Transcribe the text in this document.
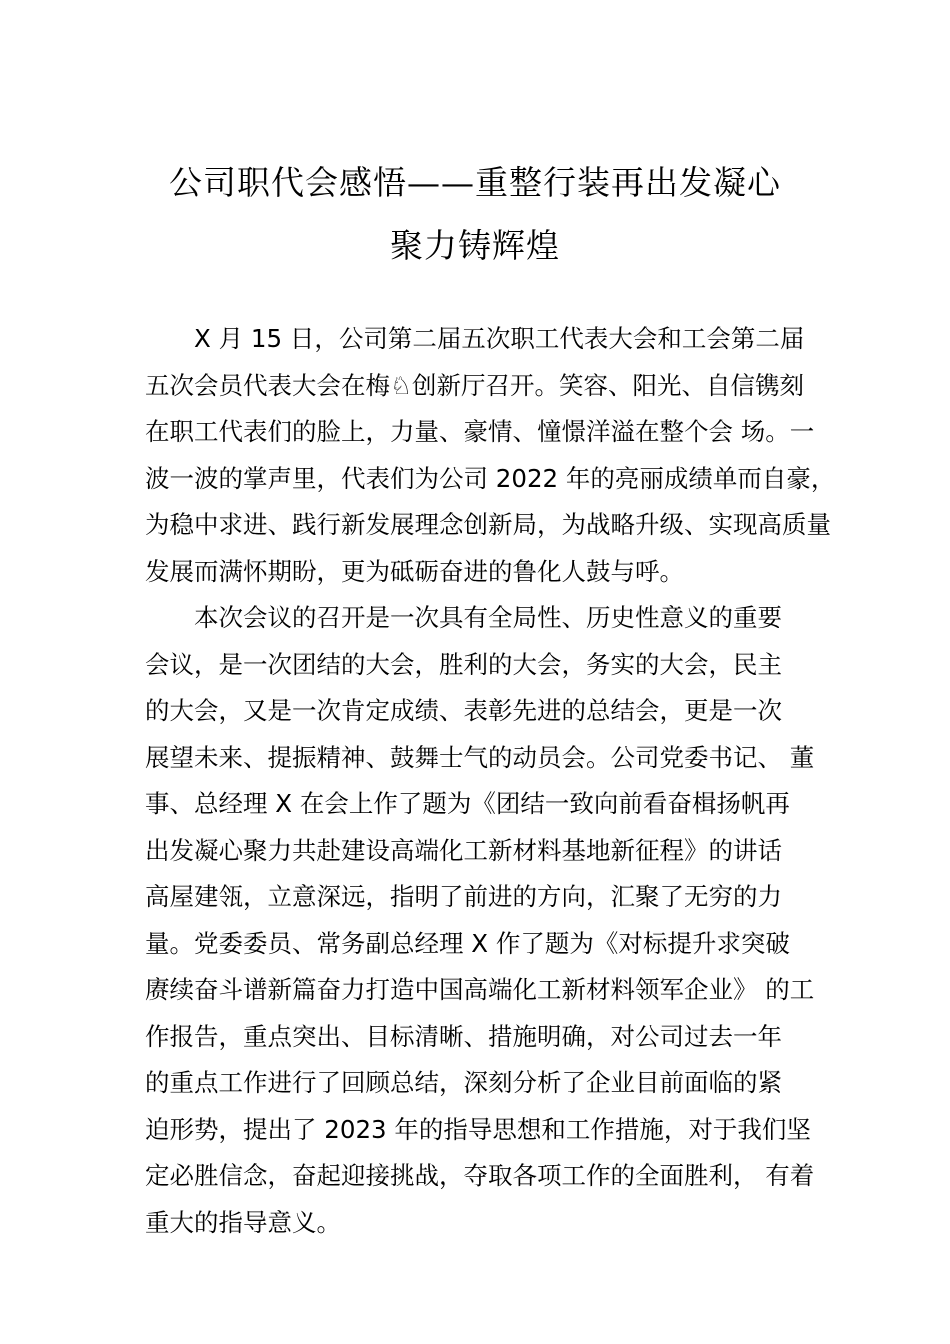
公司职代会感悟——重整行装再出发凝心
聚力铸辉煌

X 月 15 日，公司第二届五次职工代表大会和工会第二届
五次会员代表大会在梅♘创新厅召开。笑容、阳光、自信镌刻
在职工代表们的脸上，力量、豪情、憧憬洋溢在整个会 场。一
波一波的掌声里，代表们为公司 2022 年的亮丽成绩单而自豪，
为稳中求进、践行新发展理念创新局，为战略升级、实现高质量
发展而满怀期盼，更为砥砺奋进的鲁化人鼓与呼。

本次会议的召开是一次具有全局性、历史性意义的重要
会议，是一次团结的大会，胜利的大会，务实的大会，民主
的大会，又是一次肯定成绩、表彰先进的总结会，更是一次
展望未来、提振精神、鼓舞士气的动员会。公司党委书记、 董
事、总经理 X 在会上作了题为《团结一致向前看奋楫扬帆再
出发凝心聚力共赴建设高端化工新材料基地新征程》的讲话
高屋建瓴，立意深远，指明了前进的方向，汇聚了无穷的力
量。党委委员、常务副总经理 X 作了题为《对标提升求突破
赓续奋斗谱新篇奋力打造中国高端化工新材料领军企业》 的工
作报告，重点突出、目标清晰、措施明确，对公司过去一年
的重点工作进行了回顾总结，深刻分析了企业目前面临的紧
迫形势，提出了 2023 年的指导思想和工作措施，对于我们坚
定必胜信念，奋起迎接挑战，夺取各项工作的全面胜利， 有着
重大的指导意义。
